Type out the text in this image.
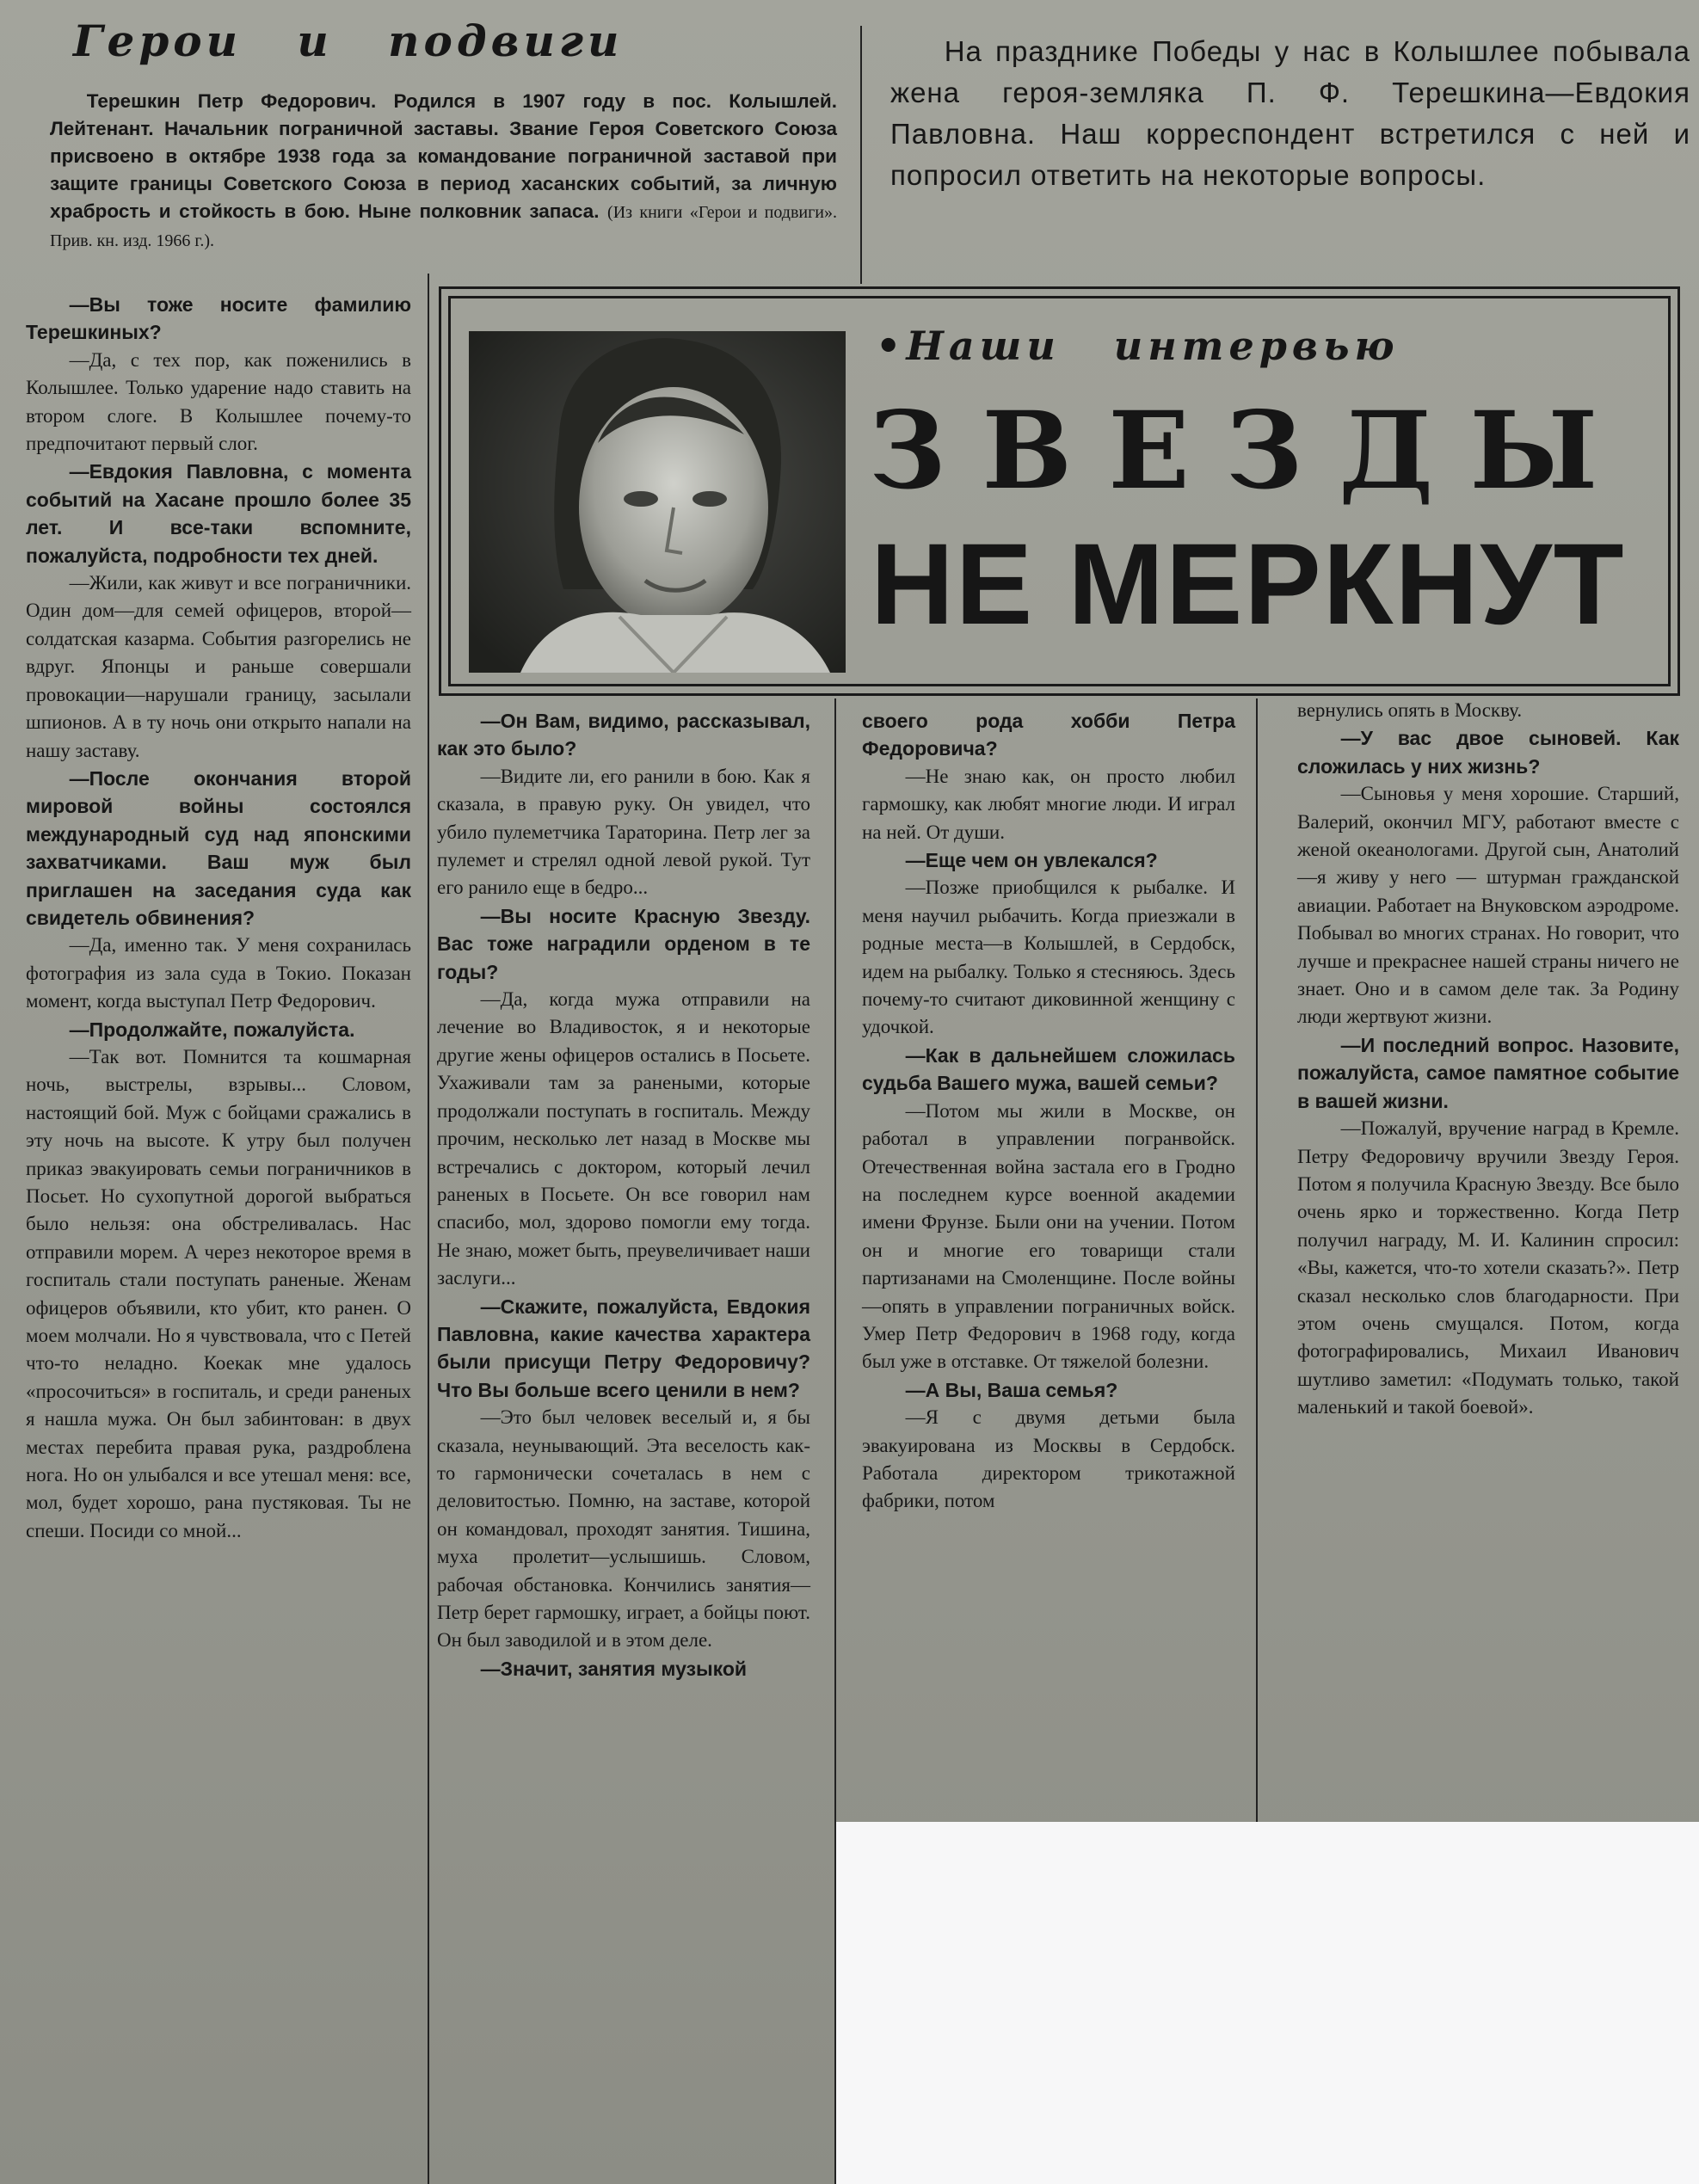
Герои и подвиги

Терешкин Петр Федорович. Родился в 1907 году в пос. Колышлей. Лейтенант. Начальник пограничной заставы. Звание Героя Советского Союза присвоено в октябре 1938 года за командование пограничной заставой при защите границы Советского Союза в период хасанских событий, за личную храбрость и стойкость в бою. Ныне полковник запаса. (Из книги «Герои и подвиги». Прив. кн. изд. 1966 г.).

На празднике Победы у нас в Колышлее побывала жена героя-земляка П. Ф. Терешкина—Евдокия Павловна. Наш корреспондент встретился с ней и попросил ответить на некоторые вопросы.

•Наши интервью
ЗВЕЗДЫ
НЕ МЕРКНУТ

—Вы тоже носите фамилию Терешкиных?

—Да, с тех пор, как поженились в Колышлее. Только ударение надо ставить на втором слоге. В Колышлее почему-то предпочитают первый слог.

—Евдокия Павловна, с момента событий на Хасане прошло более 35 лет. И все-таки вспомните, пожалуйста, подробности тех дней.

—Жили, как живут и все пограничники. Один дом—для семей офицеров, второй—солдатская казарма. События разгорелись не вдруг. Японцы и раньше совершали провокации—нарушали границу, засылали шпионов. А в ту ночь они открыто напали на нашу заставу.

—После окончания второй мировой войны состоялся международный суд над японскими захватчиками. Ваш муж был приглашен на заседания суда как свидетель обвинения?

—Да, именно так. У меня сохранилась фотография из зала суда в Токио. Показан момент, когда выступал Петр Федорович.

—Продолжайте, пожалуйста.

—Так вот. Помнится та кошмарная ночь, выстрелы, взрывы... Словом, настоящий бой. Муж с бойцами сражались в эту ночь на высоте. К утру был получен приказ эвакуировать семьи пограничников в Посьет. Но сухопутной дорогой выбраться было нельзя: она обстреливалась. Нас отправили морем. А через некоторое время в госпиталь стали поступать раненые. Женам офицеров объявили, кто убит, кто ранен. О моем молчали. Но я чувствовала, что с Петей что-то неладно. Коекак мне удалось «просочиться» в госпиталь, и среди раненых я нашла мужа. Он был забинтован: в двух местах перебита правая рука, раздроблена нога. Но он улыбался и все утешал меня: все, мол, будет хорошо, рана пустяковая. Ты не спеши. Посиди со мной...

—Он Вам, видимо, рассказывал, как это было?

—Видите ли, его ранили в бою. Как я сказала, в правую руку. Он увидел, что убило пулеметчика Тараторина. Петр лег за пулемет и стрелял одной левой рукой. Тут его ранило еще в бедро...

—Вы носите Красную Звезду. Вас тоже наградили орденом в те годы?

—Да, когда мужа отправили на лечение во Владивосток, я и некоторые другие жены офицеров остались в Посьете. Ухаживали там за ранеными, которые продолжали поступать в госпиталь. Между прочим, несколько лет назад в Москве мы встречались с доктором, который лечил раненых в Посьете. Он все говорил нам спасибо, мол, здорово помогли ему тогда. Не знаю, может быть, преувеличивает наши заслуги...

—Скажите, пожалуйста, Евдокия Павловна, какие качества характера были присущи Петру Федоровичу? Что Вы больше всего ценили в нем?

—Это был человек веселый и, я бы сказала, неунывающий. Эта веселость как-то гармонически сочеталась в нем с деловитостью. Помню, на заставе, которой он командовал, проходят занятия. Тишина, муха пролетит—услышишь. Словом, рабочая обстановка. Кончились занятия—Петр берет гармошку, играет, а бойцы поют. Он был заводилой и в этом деле.

—Значит, занятия музыкой

своего рода хобби Петра Федоровича?

—Не знаю как, он просто любил гармошку, как любят многие люди. И играл на ней. От души.

—Еще чем он увлекался?

—Позже приобщился к рыбалке. И меня научил рыбачить. Когда приезжали в родные места—в Колышлей, в Сердобск, идем на рыбалку. Только я стесняюсь. Здесь почему-то считают диковинной женщину с удочкой.

—Как в дальнейшем сложилась судьба Вашего мужа, вашей семьи?

—Потом мы жили в Москве, он работал в управлении погранвойск. Отечественная война застала его в Гродно на последнем курсе военной академии имени Фрунзе. Были они на учении. Потом он и многие его товарищи стали партизанами на Смоленщине. После войны—опять в управлении пограничных войск. Умер Петр Федорович в 1968 году, когда был уже в отставке. От тяжелой болезни.

—А Вы, Ваша семья?

—Я с двумя детьми была эвакуирована из Москвы в Сердобск. Работала директором трикотажной фабрики, потом

вернулись опять в Москву.

—У вас двое сыновей. Как сложилась у них жизнь?

—Сыновья у меня хорошие. Старший, Валерий, окончил МГУ, работают вместе с женой океанологами. Другой сын, Анатолий—я живу у него — штурман гражданской авиации. Работает на Внуковском аэродроме. Побывал во многих странах. Но говорит, что лучше и прекраснее нашей страны ничего не знает. Оно и в самом деле так. За Родину люди жертвуют жизни.

—И последний вопрос. Назовите, пожалуйста, самое памятное событие в вашей жизни.

—Пожалуй, вручение наград в Кремле. Петру Федоровичу вручили Звезду Героя. Потом я получила Красную Звезду. Все было очень ярко и торжественно. Когда Петр получил награду, М. И. Калинин спросил: «Вы, кажется, что-то хотели сказать?». Петр сказал несколько слов благодарности. При этом очень смущался. Потом, когда фотографировались, Михаил Иванович шутливо заметил: «Подумать только, такой маленький и такой боевой».
